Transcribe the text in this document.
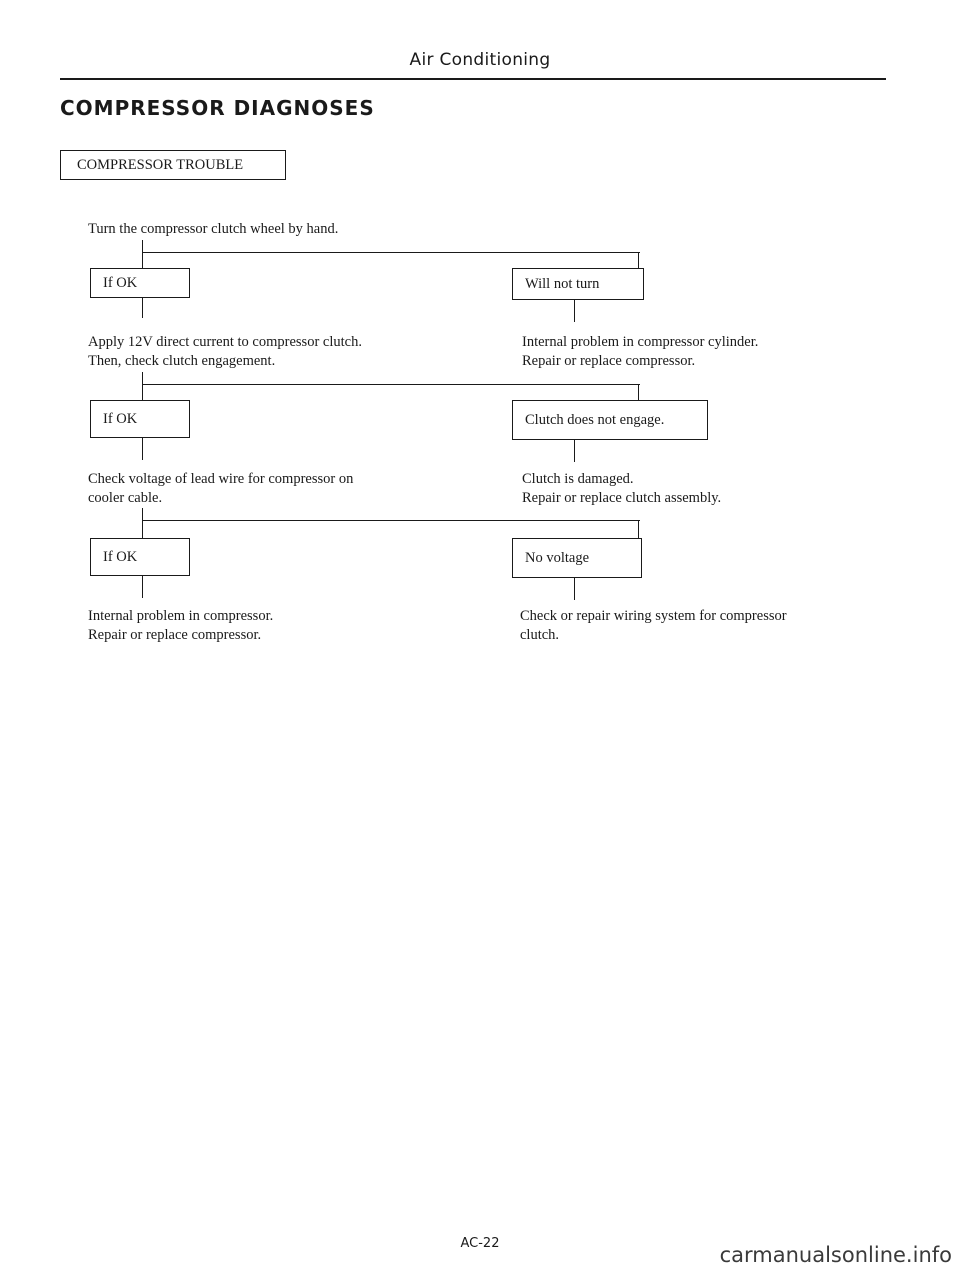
Air Conditioning
COMPRESSOR DIAGNOSES
COMPRESSOR TROUBLE
Turn the compressor clutch wheel by hand.
If OK	Will not turn
Apply 12V direct current to compressor clutch.
Then, check clutch engagement.
Internal problem in compressor cylinder.
Repair or replace compressor.
If OK	Clutch does not engage.
Check voltage of lead wire for compressor on
cooler cable.
Clutch is damaged.
Repair or replace clutch assembly.
If OK	No voltage
Internal problem in compressor.
Repair or replace compressor.
Check or repair wiring system for compressor
clutch.
AC-22	carmanualsonline.info
